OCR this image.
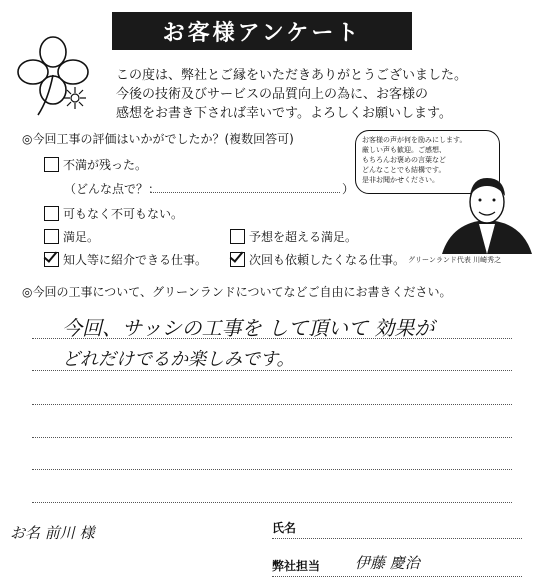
お客様アンケート
この度は、弊社とご縁をいただきありがとうございました。
今後の技術及びサービスの品質向上の為に、お客様の
感想をお書き下されば幸いです。よろしくお願いします。
◎今回工事の評価はいかがでしたか？(複数回答可)
不満が残った。
（どんな点で？：	）
可もなく不可もない。
満足。	予想を超える満足。
知人等に紹介できる仕事。	次回も依頼したくなる仕事。
お客様の声が何を励みにします。
厳しい声も歓迎。ご感想、
もちろんお褒めの言葉など
どんなことでも結構です。
是非お聞かせください。
グリーンランド代表 川崎秀之
◎今回の工事について、グリーンランドについてなどご自由にお書きください。
今回、サッシの工事を して頂いて 効果が
どれだけでるか楽しみです。
お名 前川 様	氏名
弊社担当 伊藤 慶治
